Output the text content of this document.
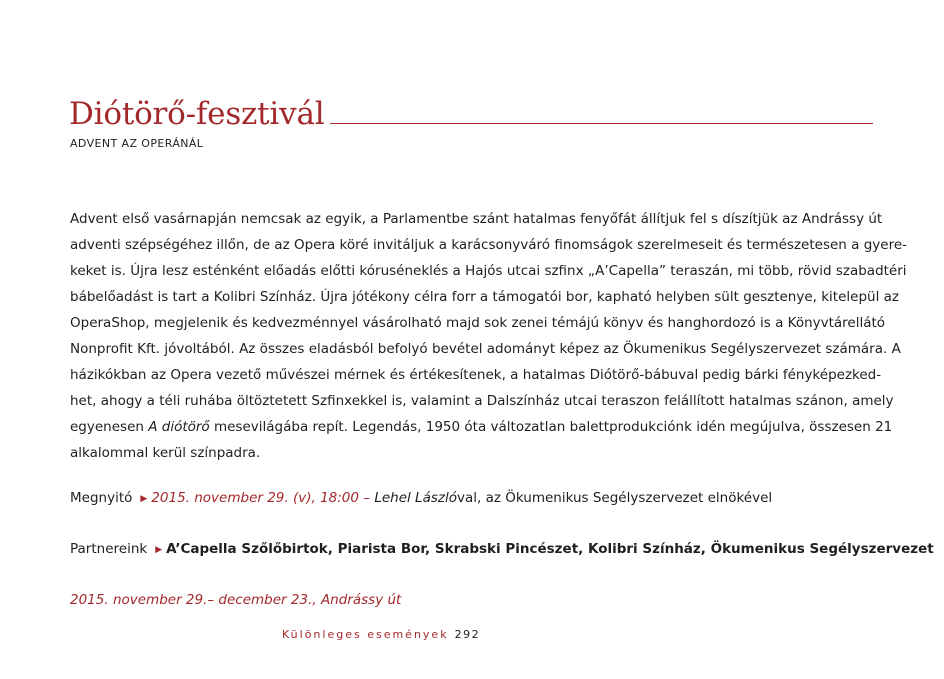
Diótörő-fesztivál
ADVENT AZ OPERÁNÁL
Advent első vasárnapján nemcsak az egyik, a Parlamentbe szánt hatalmas fenyőfát állítjuk fel s díszítjük az Andrássy út
adventi szépségéhez illőn, de az Opera köré invitáljuk a karácsonyváró finomságok szerelmeseit és természetesen a gyere-
keket is. Újra lesz esténként előadás előtti kóruséneklés a Hajós utcai szfinx „A’Capella” teraszán, mi több, rövid szabadtéri
bábelőadást is tart a Kolibri Színház. Újra jótékony célra forr a támogatói bor, kapható helyben sült gesztenye, kitelepül az
OperaShop, megjelenik és kedvezménnyel vásárolható majd sok zenei témájú könyv és hanghordozó is a Könyvtárellátó
Nonprofit Kft. jóvoltából. Az összes eladásból befolyó bevétel adományt képez az Ökumenikus Segélyszervezet számára. A
házikókban az Opera vezető művészei mérnek és értékesítenek, a hatalmas Diótörő-bábuval pedig bárki fényképezked-
het, ahogy a téli ruhába öltöztetett Szfinxekkel is, valamint a Dalszínház utcai teraszon felállított hatalmas szánon, amely
egyenesen A diótörő mesevilágába repít. Legendás, 1950 óta változatlan balettprodukciónk idén megújulva, összesen 21
alkalommal kerül színpadra.
Megnyitó ▶ 2015. november 29. (v), 18:00 – Lehel Lászlóval, az Ökumenikus Segélyszervezet elnökével
Partnereink ▶ A’Capella Szőlőbirtok, Piarista Bor, Skrabski Pincészet, Kolibri Színház, Ökumenikus Segélyszervezet
2015. november 29.– december 23., Andrássy út
Különleges események 292
